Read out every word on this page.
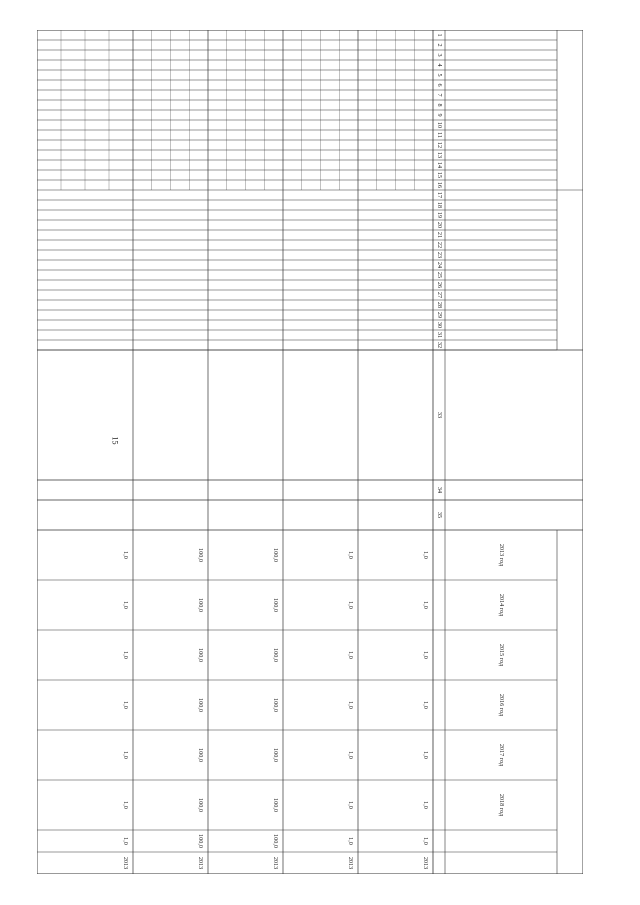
15
2013 год
2014 год
2015 год
2016 год
2017 год
2018 год
1
2
3
4
5
6
7
8
9
10
11
12
13
14
15
16
17
18
19
20
21
22
23
24
25
26
27
28
29
30
31
32
33
34
35
1,0
1,0
1,0
1,0
1,0
1,0
1,0
2013
1,0
1,0
1,0
1,0
1,0
1,0
1,0
2013
100,0
100,0
100,0
100,0
100,0
100,0
100,0
2013
100,0
100,0
100,0
100,0
100,0
100,0
100,0
2013
1,0
1,0
1,0
1,0
1,0
1,0
1,0
2013
